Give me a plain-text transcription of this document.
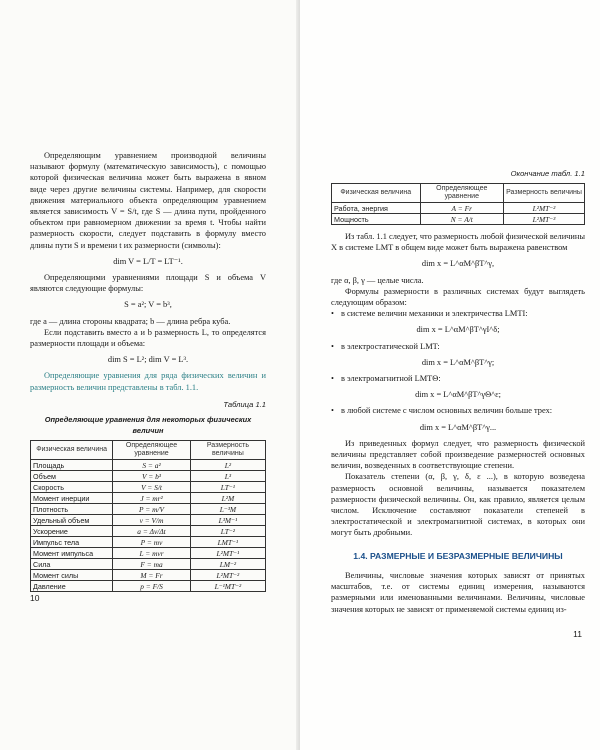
Определяющим уравнением производной величины называют формулу (математическую зависимость), с помощью которой физическая величина может быть выражена в явном виде через другие величины системы. Например, для скорости движения материального объекта определяющим уравнением является зависимость V = S/t, где S — длина пути, пройденного объектом при равномерном движении за время t. Чтобы найти размерность скорости, следует подставить в формулу вместо длины пути S и времени t их размерности (символы):

dim V = L/T = LT⁻¹.

Определяющими уравнениями площади S и объема V являются следующие формулы:

S = a²; V = b³,

где a — длина стороны квадрата; b — длина ребра куба.

Если подставить вместо a и b размерность L, то определятся размерности площади и объема:

dim S = L²; dim V = L³.

Определяющие уравнения для ряда физических величин и размерность величин представлены в табл. 1.1.

Таблица 1.1
Определяющие уравнения для некоторых физических величин
Физическая величина	Определяющее уравнение	Размерность величины
Площадь	S = a²	L²
Объем	V = b³	L³
Скорость	V = S/t	LT⁻¹
Момент инерции	J = mr²	L²M
Плотность	P = m/V	L⁻³M
Удельный объем	v = V/m	L³M⁻¹
Ускорение	a = Δv/Δt	LT⁻²
Импульс тела	P = mv	LMT⁻¹
Момент импульса	L = mvr	L²MT⁻¹
Сила	F = ma	LM⁻²
Момент силы	M = Fr	L²MT⁻²
Давление	p = F/S	L⁻¹MT⁻²
10
Окончание табл. 1.1
Физическая величина	Определяющее уравнение	Размерность величины
Работа, энергия	A = Fr	L²MT⁻²
Мощность	N = A/t	L²MT⁻³

Из табл. 1.1 следует, что размерность любой физической величины X в системе LMT в общем виде может быть выражена равенством

dim x = L^αM^βT^γ,

где α, β, γ — целые числа.

Формулы размерности в различных системах будут выглядеть следующим образом:

• в системе величин механики и электричества LMTI:

dim x = L^αM^βT^γI^δ;

• в электростатической LMT:

dim x = L^αM^βT^γ;

• в электромагнитной LMTΘ:

dim x = L^αM^βT^γΘ^ε;

• в любой системе с числом основных величин больше трех:

dim x = L^αM^βT^γ...

Из приведенных формул следует, что размерность физической величины представляет собой произведение размерностей основных величин, возведенных в соответствующие степени.

Показатель степени (α, β, γ, δ, ε ...), в которую возведена размерность основной величины, называется показателем размерности физической величины. Он, как правило, является целым числом. Исключение составляют показатели степеней в электростатической и электромагнитной системах, в которых они могут быть дробными.

1.4. РАЗМЕРНЫЕ И БЕЗРАЗМЕРНЫЕ ВЕЛИЧИНЫ

Величины, числовые значения которых зависят от принятых масштабов, т.е. от системы единиц измерения, называются размерными или именованными величинами. Величины, числовые значения которых не зависят от применяемой системы единиц из-

11
